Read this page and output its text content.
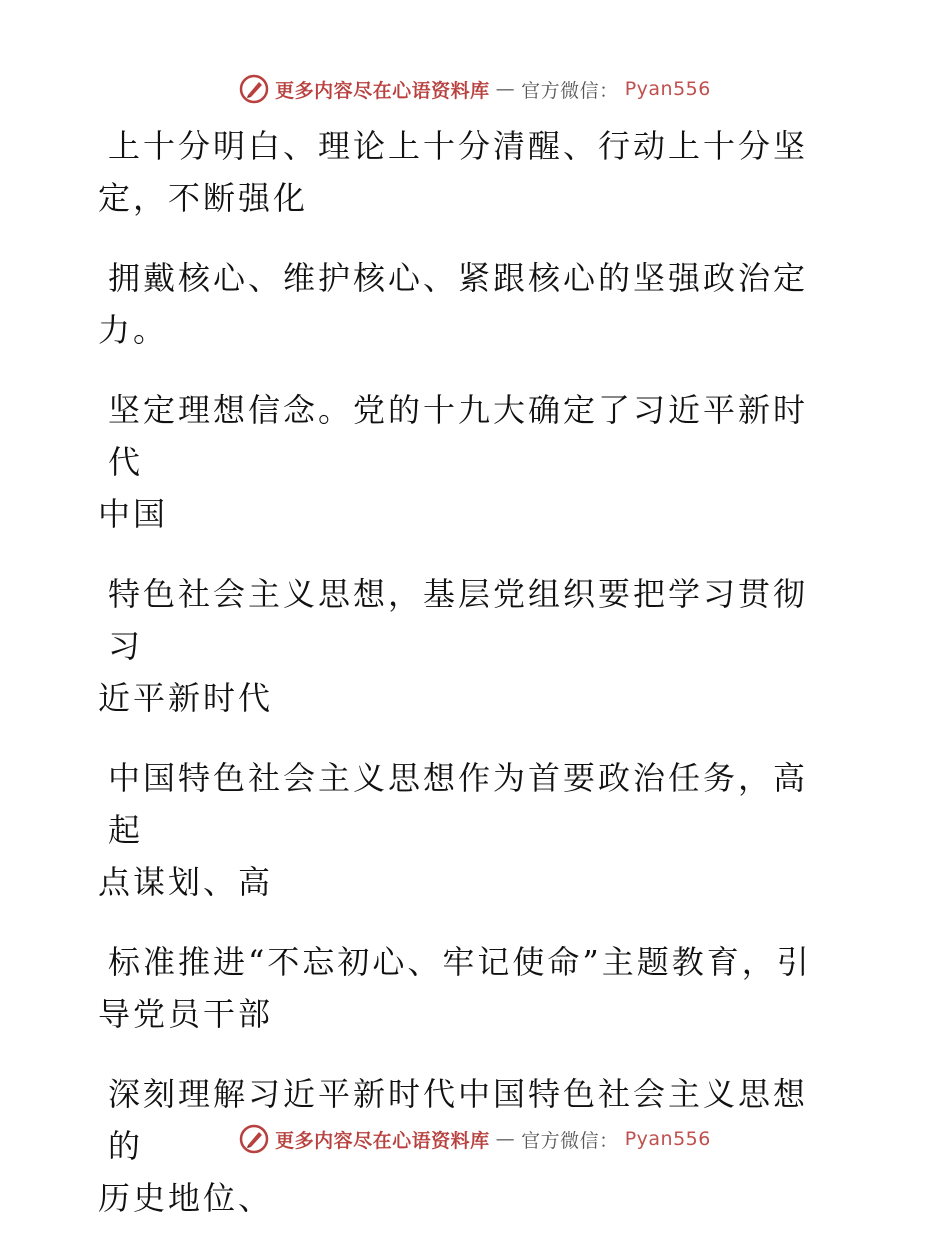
更多内容尽在心语资料库 — 官方微信： Pyan556

上十分明白、理论上十分清醒、行动上十分坚
定，不断强化

拥戴核心、维护核心、紧跟核心的坚强政治定
力。

坚定理想信念。党的十九大确定了习近平新时代
中国

特色社会主义思想，基层党组织要把学习贯彻习
近平新时代

中国特色社会主义思想作为首要政治任务，高起
点谋划、高

标准推进“不忘初心、牢记使命”主题教育，引
导党员干部

深刻理解习近平新时代中国特色社会主义思想的
历史地位、

更多内容尽在心语资料库 — 官方微信： Pyan556
